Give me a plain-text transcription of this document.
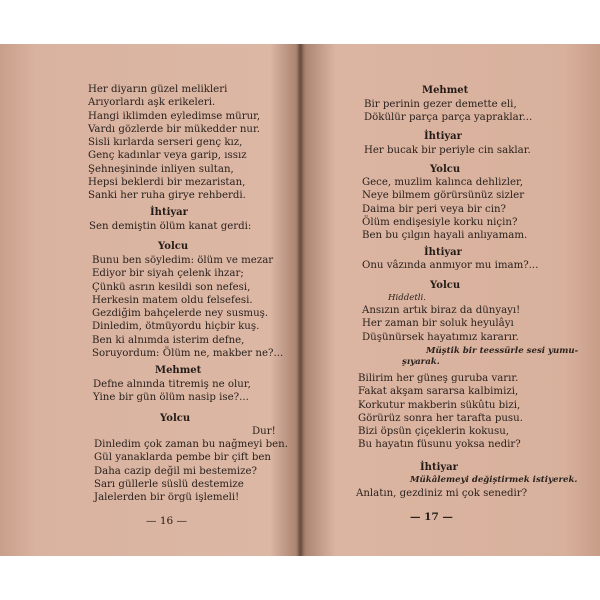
Her diyarın güzel melikleri
Arıyorlardı aşk erikeleri.
Hangi iklimden eyledimse mürur,
Vardı gözlerde bir mükedder nur.
Sisli kırlarda serseri genç kız,
Genç kadınlar veya garip, ıssız
Şehneşininde inliyen sultan,
Hepsi beklerdi bir mezaristan,
Sanki her ruha girye rehberdi.
İhtiyar
Sen demiştin ölüm kanat gerdi:
Yolcu
Bunu ben söyledim: ölüm ve mezar
Ediyor bir siyah çelenk ihzar;
Çünkü asrın kesildi son nefesi,
Herkesin matem oldu felsefesi.
Gezdiğim bahçelerde ney susmuş.
Dinledim, ötmüyordu hiçbir kuş.
Ben ki alnımda isterim defne,
Soruyordum: Ölüm ne, makber ne?...
Mehmet
Defne alnında titremiş ne olur,
Yine bir gün ölüm nasip ise?...
Yolcu
Dur!
Dinledim çok zaman bu nağmeyi ben.
Gül yanaklarda pembe bir çift ben
Daha cazip değil mi bestemize?
Sarı güllerle süslü destemize
Jalelerden bir örgü işlemeli!
— 16 —
Mehmet
Bir perinin gezer demette eli,
Dökülür parça parça yapraklar...
İhtiyar
Her bucak bir periyle cin saklar.
Yolcu
Gece, muzlim kalınca dehlizler,
Neye bilmem görürsünüz sizler
Daima bir peri veya bir cin?
Ölüm endişesiyle korku niçin?
Ben bu çılgın hayali anlıyamam.
İhtiyar
Onu vâzında anmıyor mu imam?...
Yolcu
Hiddetli.
Ansızın artık biraz da dünyayı!
Her zaman bir soluk heyulâyı
Düşünürsek hayatımız kararır.
Müştik bir teessürle sesi yumu-
şıyarak.
Bilirim her güneş guruba varır.
Fakat akşam sararsa kalbimizi,
Korkutur makberin sükûtu bizi,
Görürüz sonra her tarafta pusu.
Bizi öpsün çiçeklerin kokusu,
Bu hayatın füsunu yoksa nedir?
İhtiyar
Mükâlemeyi değiştirmek istiyerek.
Anlatın, gezdiniz mi çok senedir?
— 17 —
